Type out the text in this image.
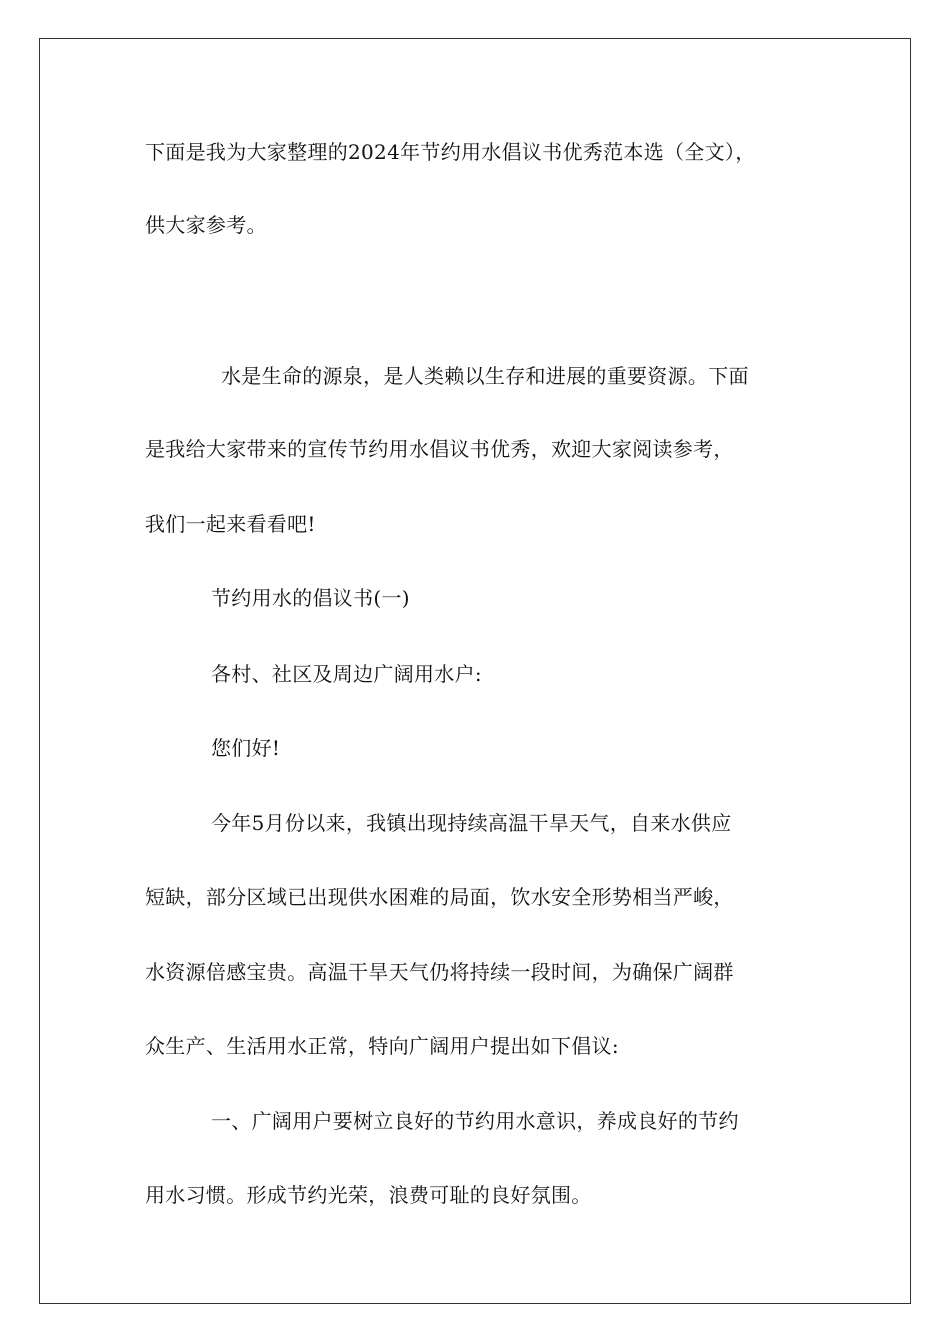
下面是我为大家整理的2024年节约用水倡议书优秀范本选（全文），
供大家参考。
水是生命的源泉，是人类赖以生存和进展的重要资源。下面
是我给大家带来的宣传节约用水倡议书优秀，欢迎大家阅读参考，
我们一起来看看吧!
节约用水的倡议书(一)
各村、社区及周边广阔用水户:
您们好!
今年5月份以来，我镇出现持续高温干旱天气，自来水供应
短缺，部分区域已出现供水困难的局面，饮水安全形势相当严峻，
水资源倍感宝贵。高温干旱天气仍将持续一段时间，为确保广阔群
众生产、生活用水正常，特向广阔用户提出如下倡议:
一、广阔用户要树立良好的节约用水意识，养成良好的节约
用水习惯。形成节约光荣，浪费可耻的良好氛围。
